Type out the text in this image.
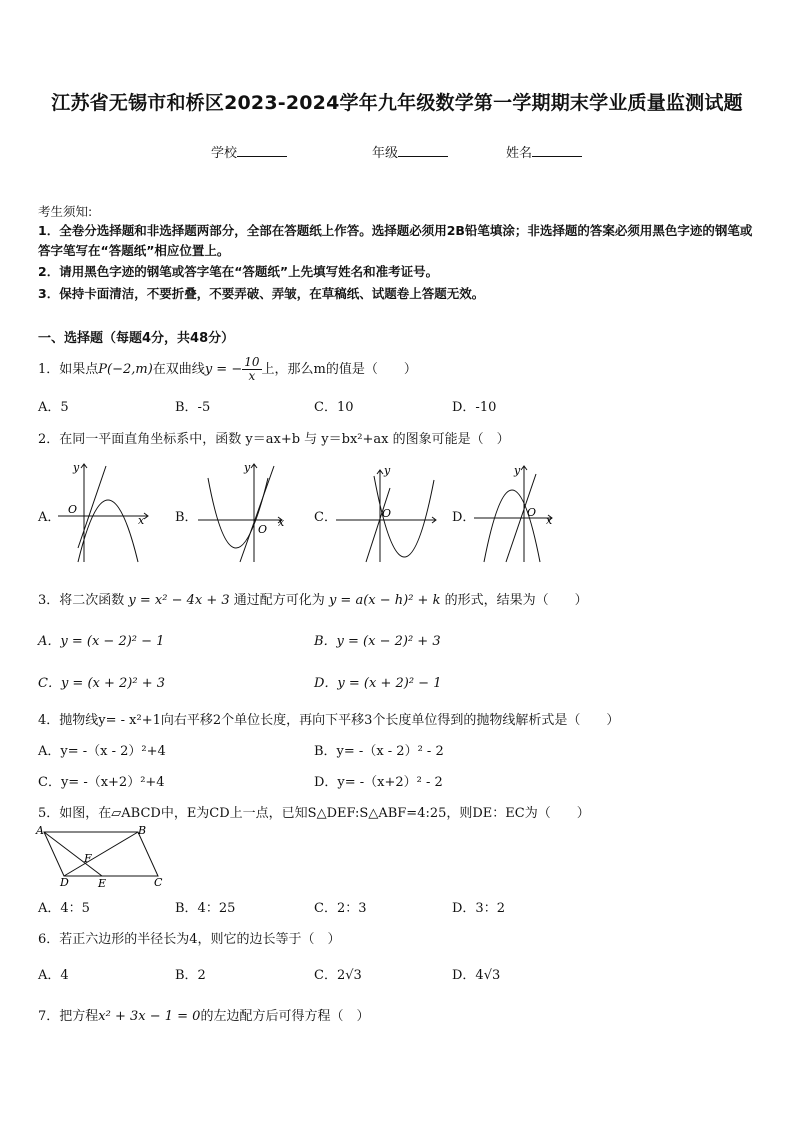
江苏省无锡市和桥区2023-2024学年九年级数学第一学期期末学业质量监测试题
学校	年级	姓名
考生须知:
1．全卷分选择题和非选择题两部分，全部在答题纸上作答。选择题必须用2B铅笔填涂；非选择题的答案必须用黑色字迹的钢笔或答字笔写在“答题纸”相应位置上。
2．请用黑色字迹的钢笔或答字笔在“答题纸”上先填写姓名和准考证号。
3．保持卡面清洁，不要折叠，不要弄破、弄皱，在草稿纸、试题卷上答题无效。
一、选择题（每题4分，共48分）
1．如果点P(−2,m)在双曲线y = − $\frac{10}{x}$ 上，那么m的值是（　　）
A．5	B．-5	C．10	D．-10
2．在同一平面直角坐标系中，函数 y＝ax+b 与 y＝bx²+ax 的图象可能是（　）
A．	B．	C．	D．
x
y
O
x
y
O
y
O
x
y
O
3．将二次函数 y = x² − 4x + 3 通过配方可化为 y = a(x − h)² + k 的形式，结果为（　　）
A．y = (x − 2)² − 1	B．y = (x − 2)² + 3
C．y = (x + 2)² + 3	D．y = (x + 2)² − 1
4．抛物线y= - x²+1向右平移2个单位长度，再向下平移3个长度单位得到的抛物线解析式是（　　）
A．y= -（x - 2）²+4	B．y= -（x - 2）² - 2
C．y= -（x+2）²+4	D．y= -（x+2）² - 2
5．如图，在▱ABCD中，E为CD上一点，已知S△DEF:S△ABF=4:25，则DE：EC为（　　）
A	B
C
D	E
F
A．4：5	B．4：25	C．2：3	D．3：2
6．若正六边形的半径长为4，则它的边长等于（　）
A．4	B．2	C．2√3	D．4√3
7．把方程x² + 3x − 1 = 0的左边配方后可得方程（　）
